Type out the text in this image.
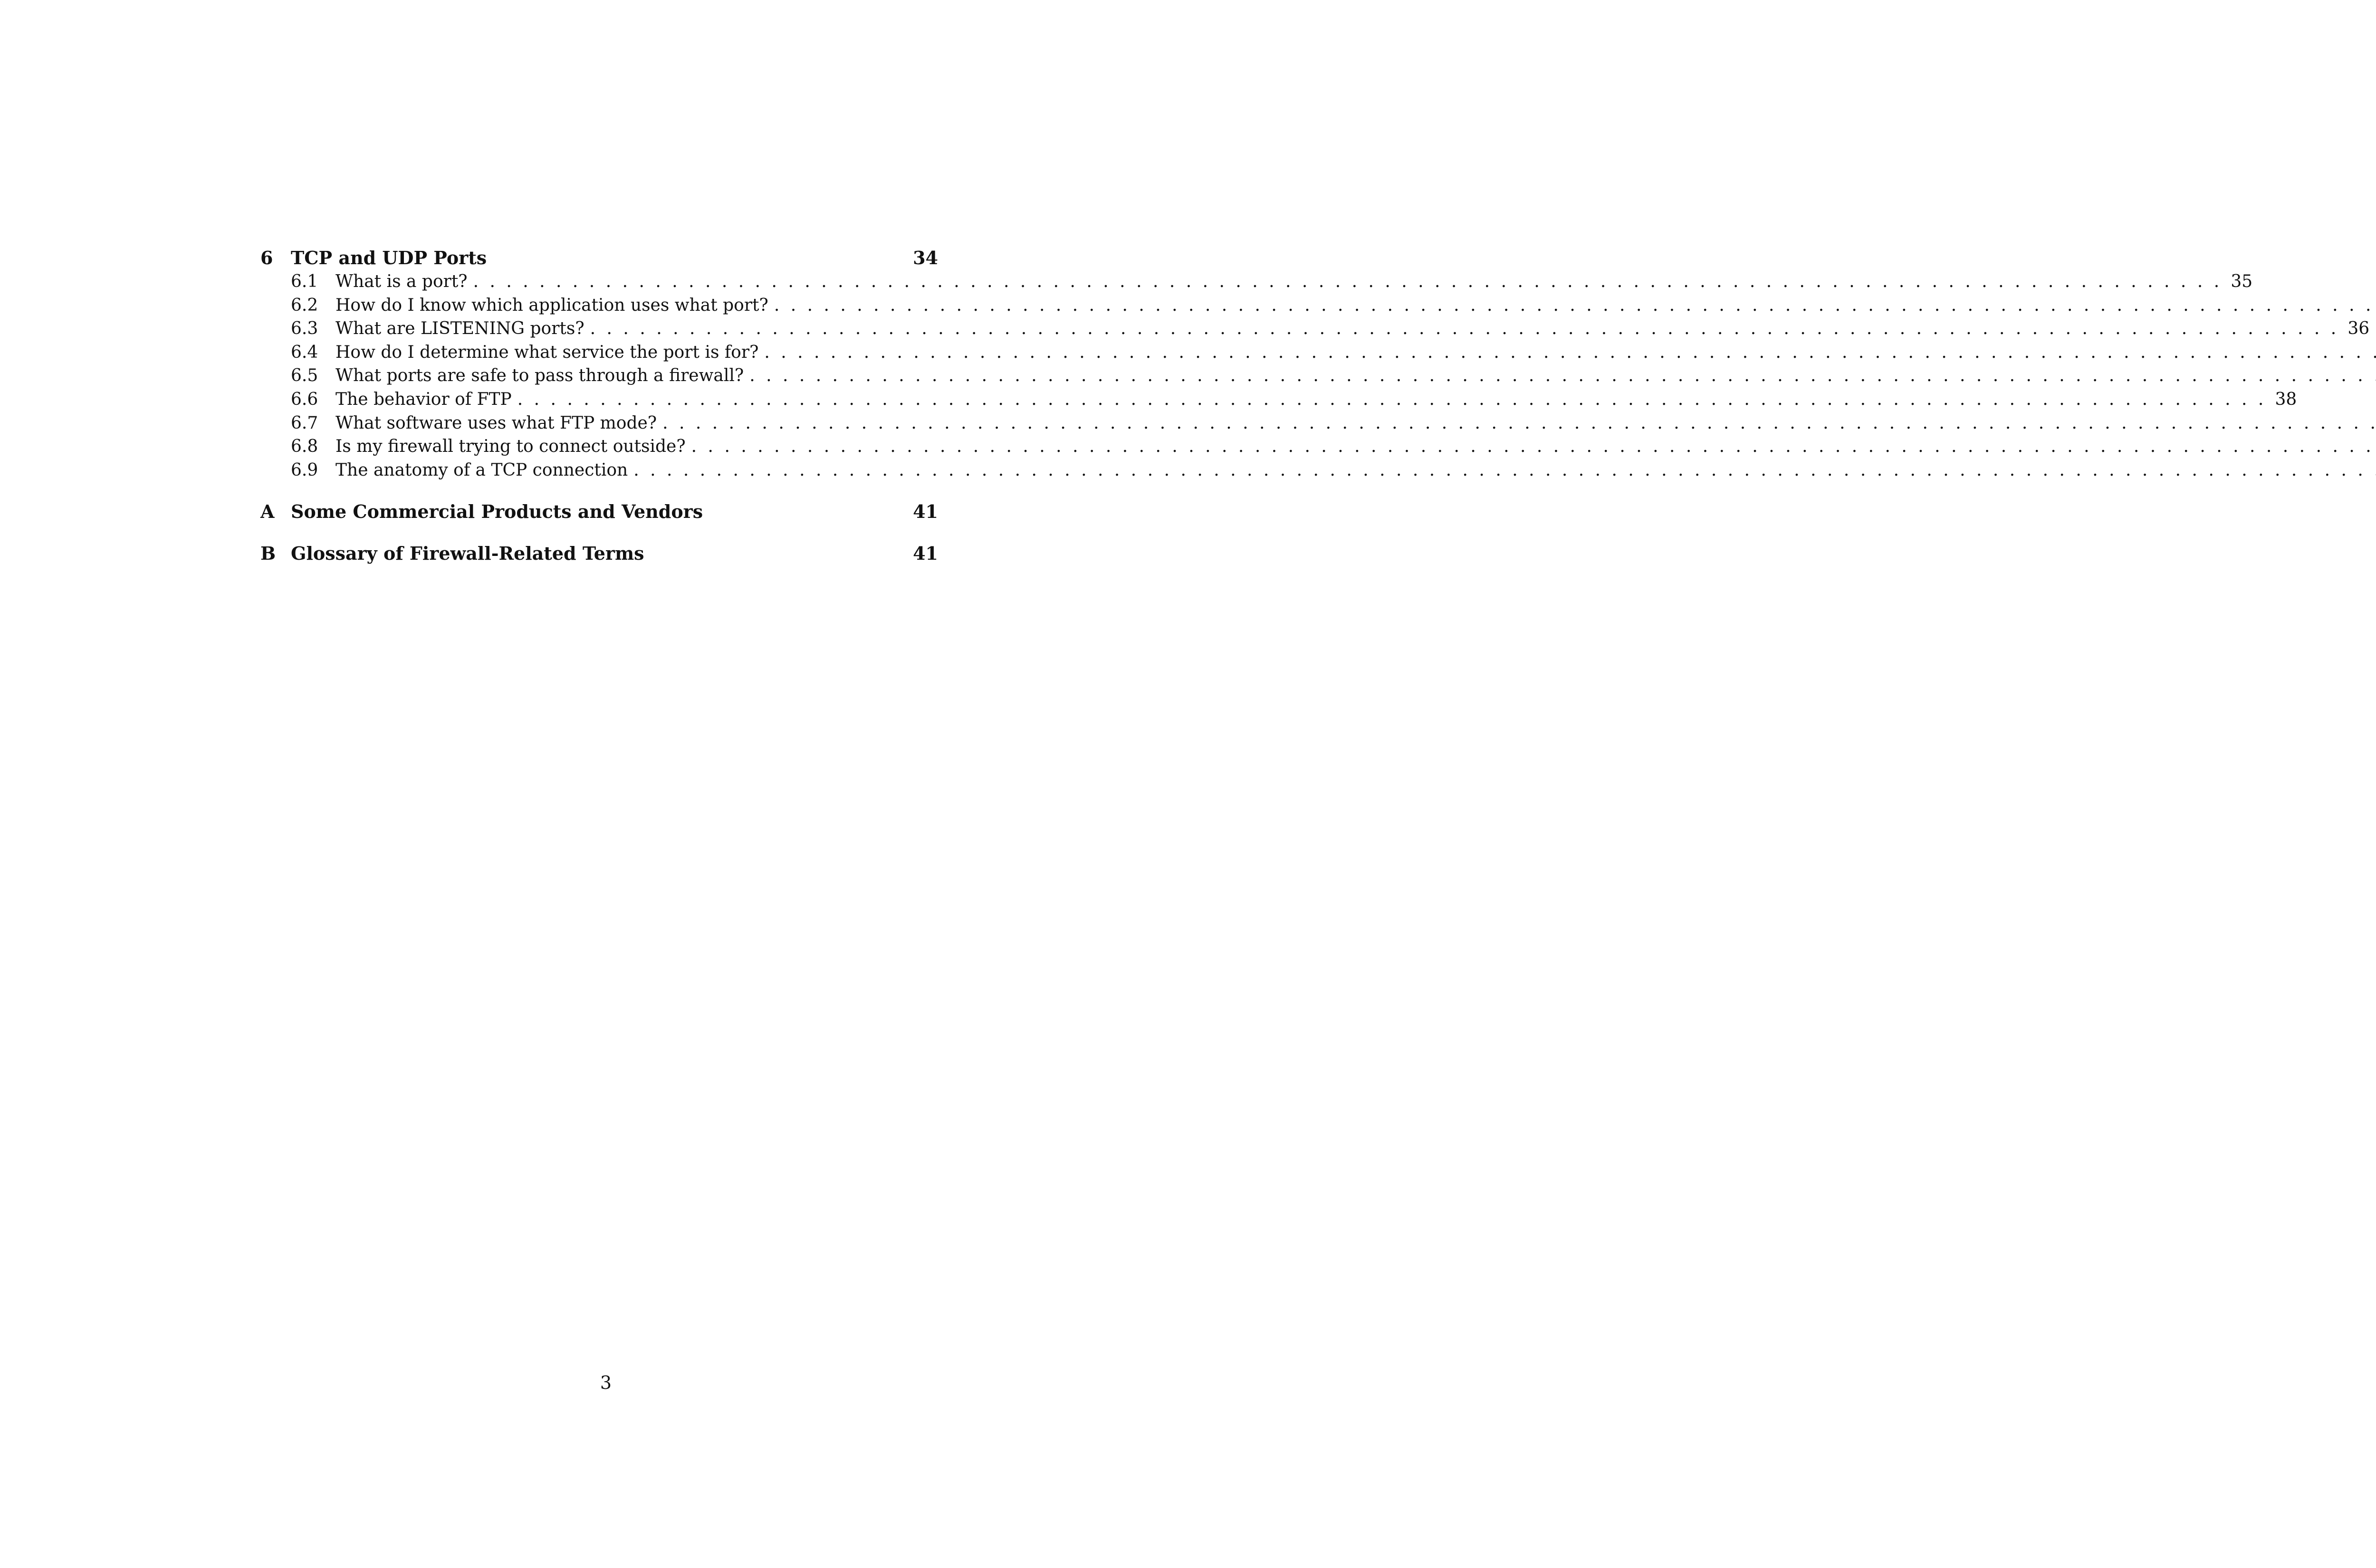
6 TCP and UDP Ports	34
6.1	What is a port? . . .	35
6.2	How do I know which application uses what port?
. . .
6.3	What are LISTENING ports? . . .	36
6.4	How do I determine what service the port is for?
. . .
6.5	What ports are safe to pass through a firewall?
. . .
6.6	The behavior of FTP . . .	38
6.7	What software uses what FTP mode?
. . .
6.8	Is my firewall trying to connect outside?
. . .
6.9	The anatomy of a TCP connection
. . .
A Some Commercial Products and Vendors	41
B Glossary of Firewall-Related Terms	41
3
